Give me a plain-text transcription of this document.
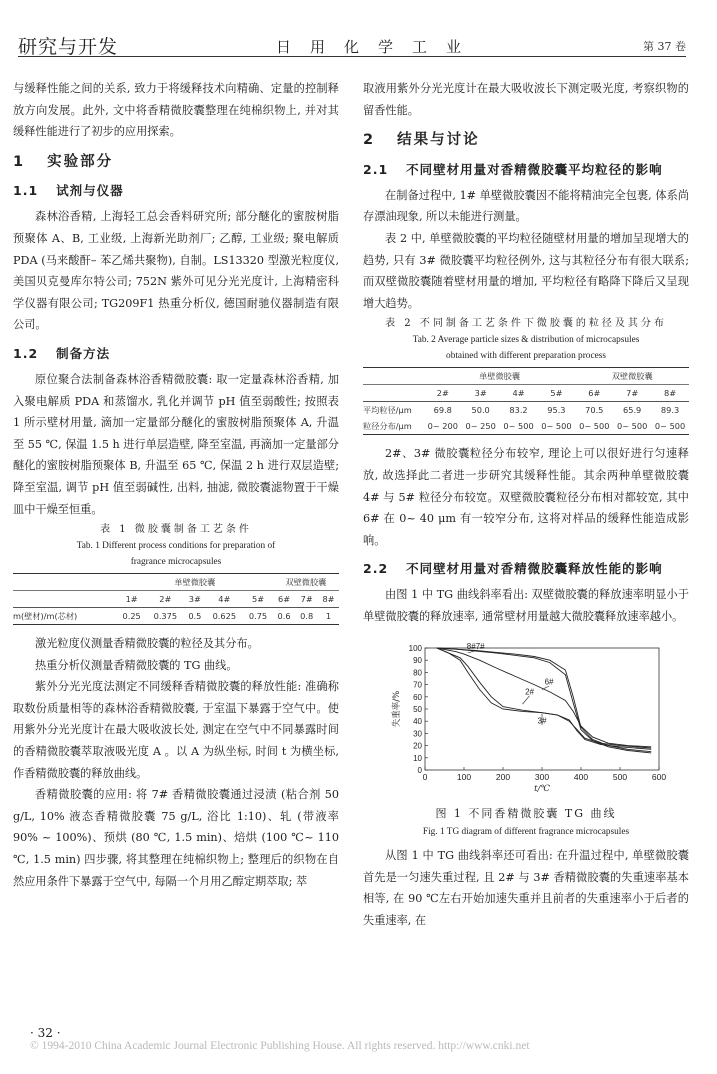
研究与开发	日用化学工业	第 37 卷

与缓释性能之间的关系, 致力于将缓释技术向精确、定量的控制释放方向发展。此外, 文中将香精微胶囊整理在纯棉织物上, 并对其缓释性能进行了初步的应用探索。

1 实验部分
1.1 试剂与仪器

森林浴香精, 上海轻工总会香料研究所; 部分醚化的蜜胺树脂预聚体 A、B, 工业级, 上海新光助剂厂; 乙醇, 工业级; 聚电解质 PDA (马来酸酐– 苯乙烯共聚物), 自制。LS13320 型激光粒度仪, 美国贝克曼库尔特公司; 752N 紫外可见分光光度计, 上海精密科学仪器有限公司; TG209F1 热重分析仪, 德国耐驰仪器制造有限公司。

1.2 制备方法

原位聚合法制备森林浴香精微胶囊: 取一定量森林浴香精, 加入聚电解质 PDA 和蒸馏水, 乳化并调节 pH 值至弱酸性; 按照表 1 所示壁材用量, 滴加一定量部分醚化的蜜胺树脂预聚体 A, 升温至 55 ℃, 保温 1.5 h 进行单层造壁, 降至室温, 再滴加一定量部分醚化的蜜胺树脂预聚体 B, 升温至 65 ℃, 保温 2 h 进行双层造壁; 降至室温, 调节 pH 值至弱碱性, 出料, 抽滤, 微胶囊滤物置于干燥皿中干燥至恒重。

表 1 微胶囊制备工艺条件
Tab. 1 Different process conditions for preparation of
fragrance microcapsules
	单壁微胶囊					双壁微胶囊		
	1#	2#	3#	4#	5#	6#	7#	8#
m(壁材)/m(芯材)	0.25	0.375	0.5	0.625	0.75	0.6	0.8	1

激光粒度仪测量香精微胶囊的粒径及其分布。

热重分析仪测量香精微胶囊的 TG 曲线。

紫外分光光度法测定不同缓释香精微胶囊的释放性能: 准确称取数份质量相等的森林浴香精微胶囊, 于室温下暴露于空气中。使用紫外分光光度计在最大吸收波长处, 测定在空气中不同暴露时间的香精微胶囊萃取液吸光度 A 。以 A 为纵坐标, 时间 t 为横坐标, 作香精微胶囊的释放曲线。

香精微胶囊的应用: 将 7# 香精微胶囊通过浸渍 (粘合剂 50 g/L, 10% 液态香精微胶囊 75 g/L, 浴比 1:10)、轧 (带液率 90% ~ 100%)、预烘 (80 ℃, 1.5 min)、焙烘 (100 ℃~ 110 ℃, 1.5 min) 四步骤, 将其整理在纯棉织物上; 整理后的织物在自然应用条件下暴露于空气中, 每隔一个月用乙醇定期萃取; 萃

取液用紫外分光光度计在最大吸收波长下测定吸光度, 考察织物的留香性能。

2 结果与讨论
2.1 不同壁材用量对香精微胶囊平均粒径的影响

在制备过程中, 1# 单壁微胶囊因不能将精油完全包裹, 体系尚存漂油现象, 所以未能进行测量。

表 2 中, 单壁微胶囊的平均粒径随壁材用量的增加呈现增大的趋势, 只有 3# 微胶囊平均粒径例外, 这与其粒径分布有很大联系; 而双壁微胶囊随着壁材用量的增加, 平均粒径有略降下降后又呈现增大趋势。

表 2 不同制备工艺条件下微胶囊的粒径及其分布
Tab. 2 Average particle sizes & distribution of microcapsules
obtained with different preparation process
	单壁微胶囊				双壁微胶囊		
	2#	3#	4#	5#	6#	7#	8#
平均粒径/μm	69.8	50.0	83.2	95.3	70.5	65.9	89.3
粒径分布/μm	0~ 200	0~ 250	0~ 500	0~ 500	0~ 500	0~ 500	0~ 500

2#、3# 微胶囊粒径分布较窄, 理论上可以很好进行匀速释放, 故选择此二者进一步研究其缓释性能。其余两种单壁微胶囊 4# 与 5# 粒径分布较宽。双壁微胶囊粒径分布相对都较宽, 其中 6# 在 0~ 40 μm 有一较窄分布, 这将对样品的缓释性能造成影响。

2.2 不同壁材用量对香精微胶囊释放性能的影响

由图 1 中 TG 曲线斜率看出: 双壁微胶囊的释放速率明显小于单壁微胶囊的释放速率, 通常壁材用量越大微胶囊释放速率越小。

0	100	200	300	400	500	600
0
10
20
30
40
50
60
70
80
90
100
t/℃
失重率/%
8#7#
6#
2#
3#
图 1 不同香精微胶囊 TG 曲线
Fig. 1 TG diagram of different fragrance microcapsules

从图 1 中 TG 曲线斜率还可看出: 在升温过程中, 单壁微胶囊首先是一匀速失重过程, 且 2# 与 3# 香精微胶囊的失重速率基本相等, 在 90 ℃左右开始加速失重并且前者的失重速率小于后者的失重速率, 在

· 32 ·
© 1994-2010 China Academic Journal Electronic Publishing House. All rights reserved. http://www.cnki.net
